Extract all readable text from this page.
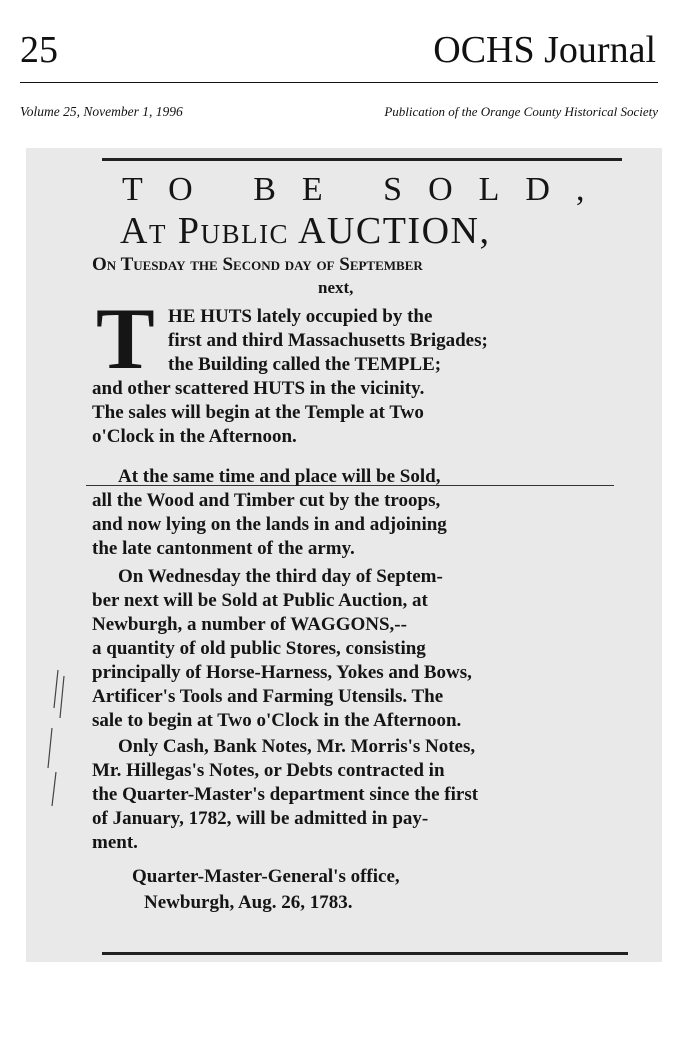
25	OCHS Journal
Volume 25, November 1, 1996	Publication of the Orange County Historical Society
TO BE SOLD,
At Public AUCTION,
On Tuesday the Second day of September
next,
T HE HUTS lately occupied by the
first and third Massachusetts Brigades;
the Building called the TEMPLE;
and other scattered HUTS in the vicinity.
The sales will begin at the Temple at Two
o'Clock in the Afternoon.
At the same time and place will be Sold,
all the Wood and Timber cut by the troops,
and now lying on the lands in and adjoining
the late cantonment of the army.
On Wednesday the third day of Septem-
ber next will be Sold at Public Auction, at
Newburgh, a number of WAGGONS,--
a quantity of old public Stores, consisting
principally of Horse-Harness, Yokes and Bows,
Artificer's Tools and Farming Utensils. The
sale to begin at Two o'Clock in the Afternoon.
Only Cash, Bank Notes, Mr. Morris's Notes,
Mr. Hillegas's Notes, or Debts contracted in
the Quarter-Master's department since the first
of January, 1782, will be admitted in pay-
ment.
Quarter-Master-General's office,
Newburgh, Aug. 26, 1783.
